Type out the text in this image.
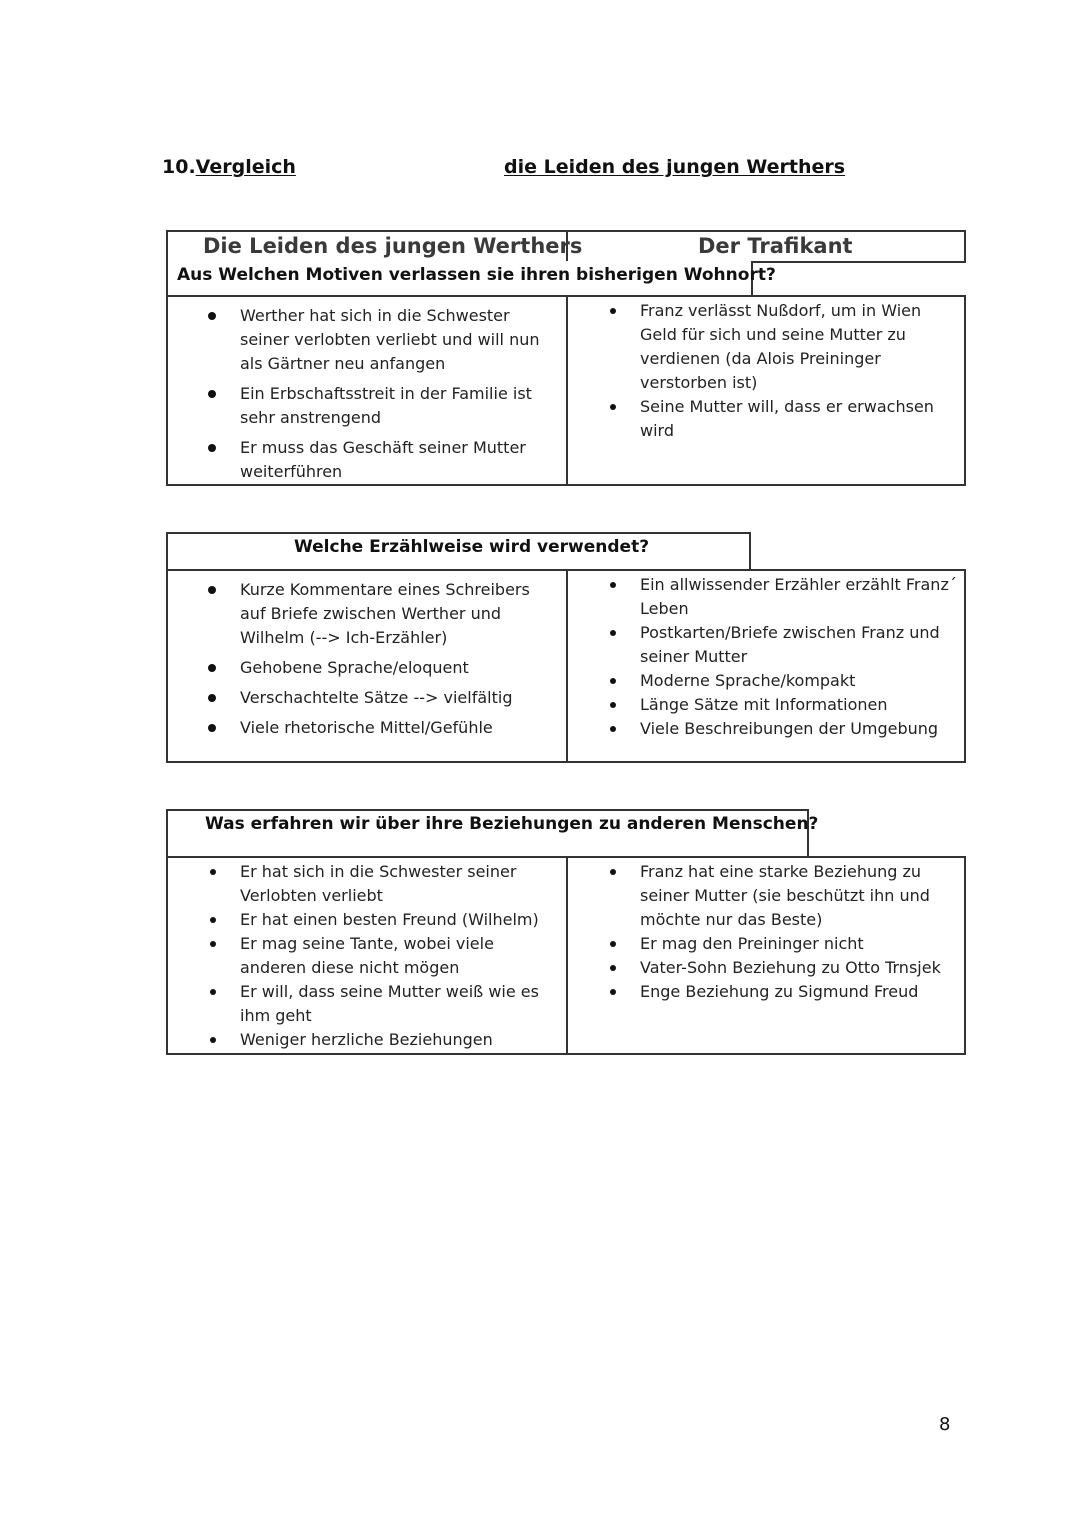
10.Vergleich	die Leiden des jungen Werthers
Die Leiden des jungen Werthers	Der Trafikant
Aus Welchen Motiven verlassen sie ihren bisherigen Wohnort?
Werther hat sich in die Schwester seiner verlobten verliebt und will nun als Gärtner neu anfangen
Ein Erbschaftsstreit in der Familie ist sehr anstrengend
Er muss das Geschäft seiner Mutter weiterführen
Franz verlässt Nußdorf, um in Wien Geld für sich und seine Mutter zu verdienen (da Alois Preininger verstorben ist)
Seine Mutter will, dass er erwachsen wird
Welche Erzählweise wird verwendet?
Kurze Kommentare eines Schreibers auf Briefe zwischen Werther und Wilhelm (--> Ich-Erzähler)
Gehobene Sprache/eloquent
Verschachtelte Sätze --> vielfältig
Viele rhetorische Mittel/Gefühle
Ein allwissender Erzähler erzählt Franz´ Leben
Postkarten/Briefe zwischen Franz und seiner Mutter
Moderne Sprache/kompakt
Länge Sätze mit Informationen
Viele Beschreibungen der Umgebung
Was erfahren wir über ihre Beziehungen zu anderen Menschen?
Er hat sich in die Schwester seiner Verlobten verliebt
Er hat einen besten Freund (Wilhelm)
Er mag seine Tante, wobei viele anderen diese nicht mögen
Er will, dass seine Mutter weiß wie es ihm geht
Weniger herzliche Beziehungen
Franz hat eine starke Beziehung zu seiner Mutter (sie beschützt ihn und möchte nur das Beste)
Er mag den Preininger nicht
Vater-Sohn Beziehung zu Otto Trnsjek
Enge Beziehung zu Sigmund Freud
8
